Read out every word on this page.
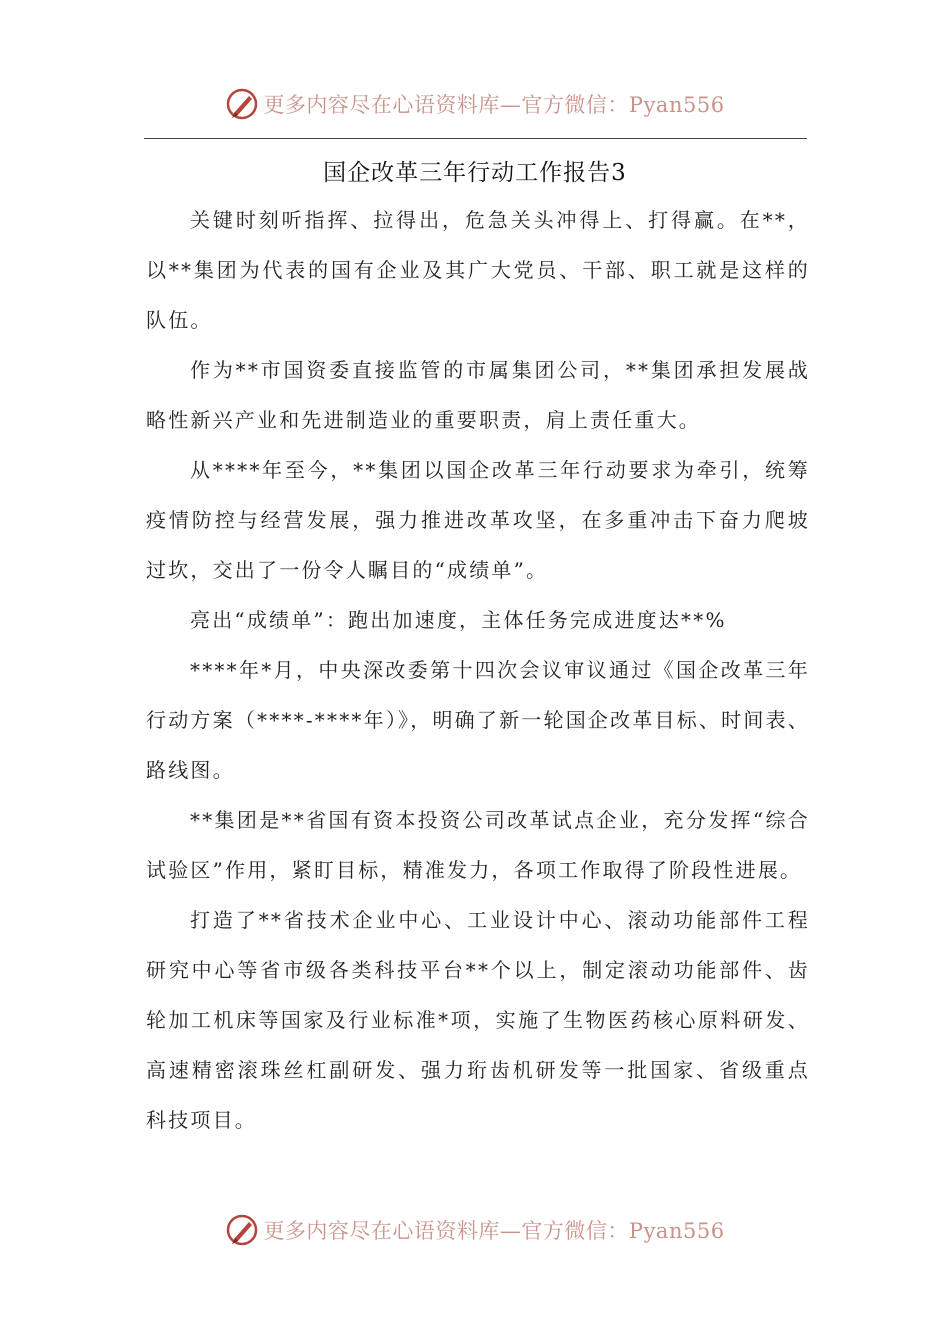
更多内容尽在心语资料库—官方微信：Pyan556
国企改革三年行动工作报告3

关键时刻听指挥、拉得出，危急关头冲得上、打得赢。在**，以**集团为代表的国有企业及其广大党员、干部、职工就是这样的队伍。

作为**市国资委直接监管的市属集团公司，**集团承担发展战略性新兴产业和先进制造业的重要职责，肩上责任重大。

从****年至今，**集团以国企改革三年行动要求为牵引，统筹疫情防控与经营发展，强力推进改革攻坚，在多重冲击下奋力爬坡过坎，交出了一份令人瞩目的“成绩单”。

亮出“成绩单”：跑出加速度，主体任务完成进度达**%

****年*月，中央深改委第十四次会议审议通过《国企改革三年行动方案（****-****年）》，明确了新一轮国企改革目标、时间表、路线图。

**集团是**省国有资本投资公司改革试点企业，充分发挥“综合试验区”作用，紧盯目标，精准发力，各项工作取得了阶段性进展。

打造了**省技术企业中心、工业设计中心、滚动功能部件工程研究中心等省市级各类科技平台**个以上，制定滚动功能部件、齿轮加工机床等国家及行业标准*项，实施了生物医药核心原料研发、高速精密滚珠丝杠副研发、强力珩齿机研发等一批国家、省级重点科技项目。

更多内容尽在心语资料库—官方微信：Pyan556
